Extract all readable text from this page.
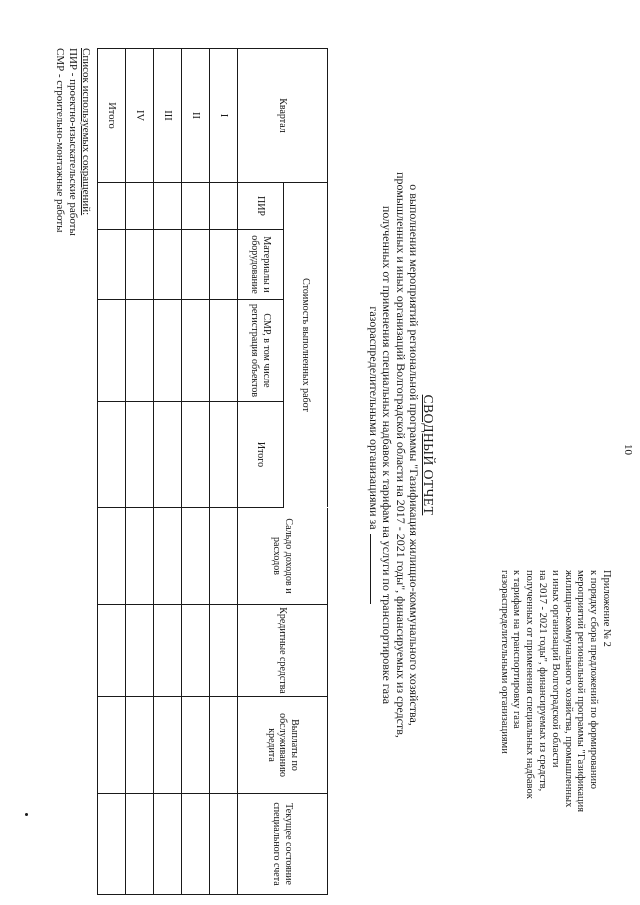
10
Приложение № 2
к порядку сбора предложений по формированию
мероприятий региональной программы "Газификация
жилищно-коммунального хозяйства, промышленных
и иных организаций Волгоградской области
на 2017 - 2021 годы", финансируемых из средств,
полученных от применения специальных надбавок
к тарифам на транспортировку газа
газораспределительными организациями
СВОДНЫЙ ОТЧЕТ
о выполнении мероприятий региональной программы "Газификация жилищно-коммунального хозяйства,
промышленных и иных организаций Волгоградской области на 2017 - 2021 годы", финансируемых из средств,
полученных от применения специальных надбавок к тарифам на услуги по транспортировке газа
газораспределительными организациями за
Квартал	Стоимость выполненных работ				Сальдо доходов и расходов	Кредитные средства	Выплаты по обслуживанию кредита	Текущее состояние специального счета
	ПИР	Материалы и оборудование	СМР, в том числе регистрация объектов	Итого				
I								
II								
III								
IV								
Итого								
Список используемых сокращений:
ПИР - проектно-изыскательские работы
СМР - строительно-монтажные работы
